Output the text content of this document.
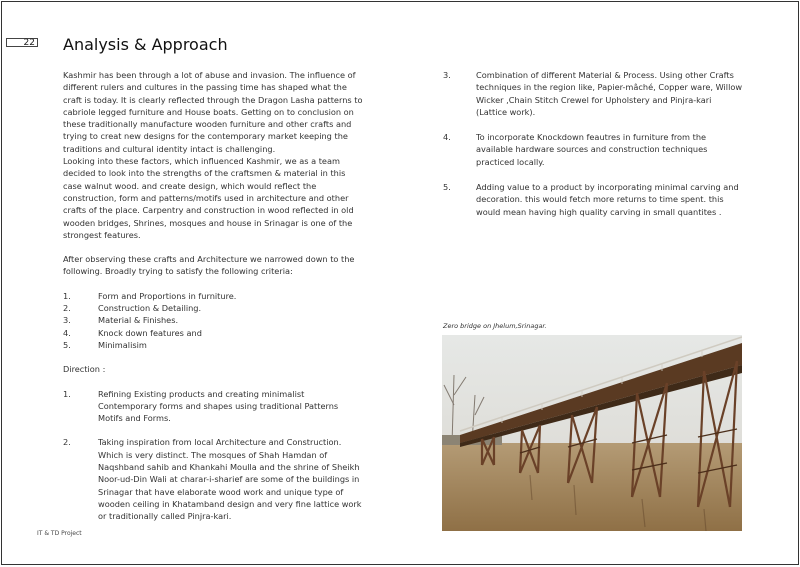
22 Analysis & Approach

Kashmir has been through a lot of abuse and invasion. The influence of different rulers and cultures in the passing time has shaped what the craft is today. It is clearly reflected through the Dragon Lasha patterns to cabriole legged furniture and House boats. Getting on to conclusion on these traditionally manufacture wooden furniture and other crafts and trying to creat new designs for the contemporary market keeping the traditions and cultural identity intact is challenging.

Looking into these factors, which influenced Kashmir, we as a team decided to look into the strengths of the craftsmen & material in this case walnut wood. and create design, which would reflect the construction, form and patterns/motifs used in architecture and other crafts of the place. Carpentry and construction in wood reflected in old wooden bridges, Shrines, mosques and house in Srinagar is one of the strongest features.

After observing these crafts and Architecture we narrowed down to the following. Broadly trying to satisfy the following criteria:

1.	Form and Proportions in furniture.
2.	Construction & Detailing.
3.	Material & Finishes.
4.	Knock down features and
5.	Minimalisim

Direction :

1.	Refining Existing products and creating minimalist Contemporary forms and shapes using traditional Patterns Motifs and Forms.
2.	Taking inspiration from local Architecture and Construction. Which is very distinct. The mosques of Shah Hamdan of Naqshband sahib and Khankahi Moulla and the shrine of Sheikh Noor-ud-Din Wali at charar-i-sharief are some of the buildings in Srinagar that have elaborate wood work and unique type of wooden ceiling in Khatamband design and very fine lattice work or traditionally called Pinjra-kari.
3.	Combination of different Material & Process. Using other Crafts techniques in the region like, Papier-mâché, Copper ware, Willow Wicker ,Chain Stitch Crewel for Upholstery and Pinjra-kari (Lattice work).
4.	To incorporate Knockdown feautres in furniture from the available hardware sources and construction techniques practiced locally.
5.	Adding value to a product by incorporating minimal carving and decoration. this would fetch more returns to time spent. this would mean having high quality carving in small quantites .
Zero bridge on Jhelum,Srinagar.
IT & TD Project
